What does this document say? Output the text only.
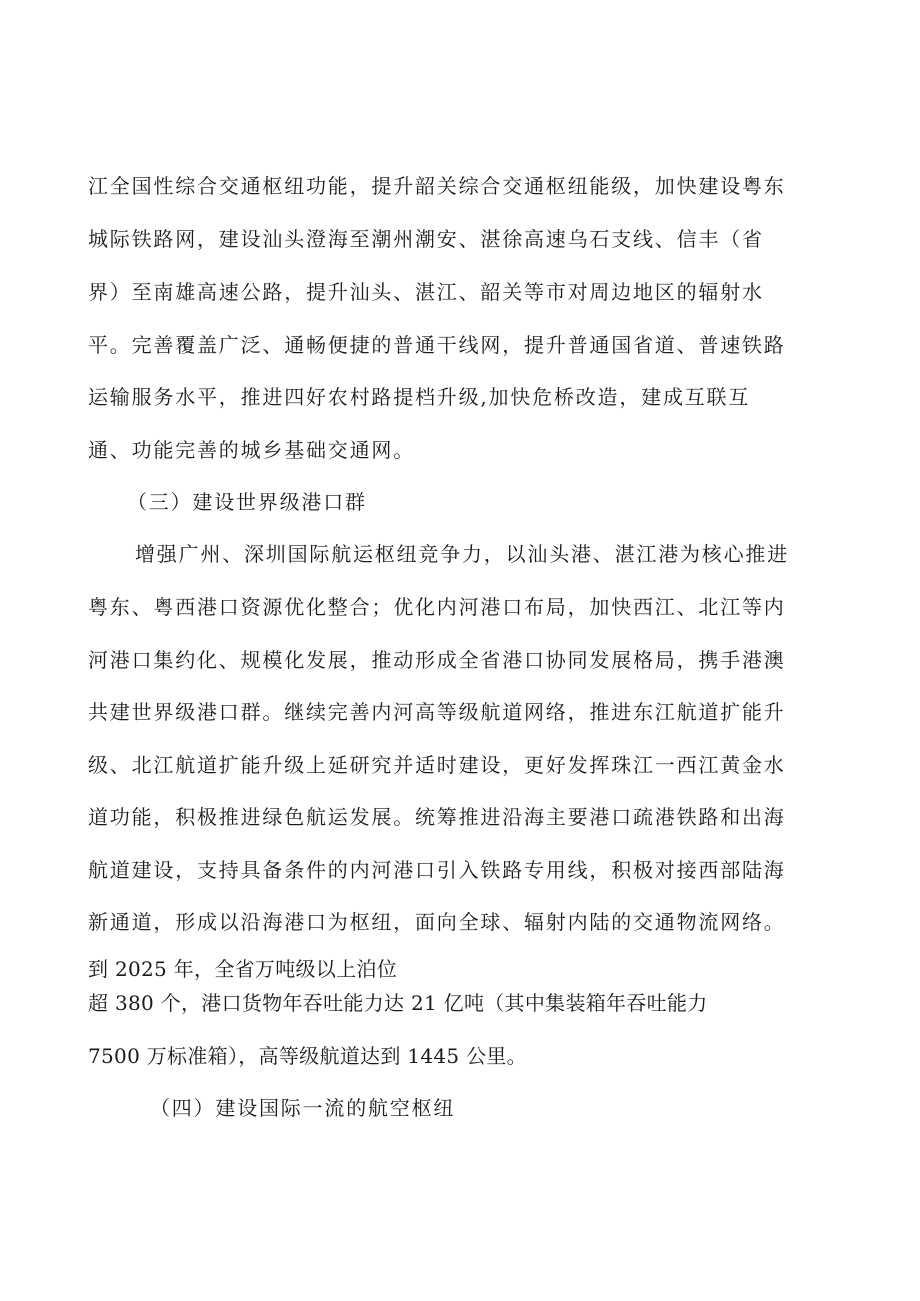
江全国性综合交通枢纽功能，提升韶关综合交通枢纽能级，加快建设粤东
城际铁路网，建设汕头澄海至潮州潮安、湛徐高速乌石支线、信丰（省
界）至南雄高速公路，提升汕头、湛江、韶关等市对周边地区的辐射水
平。完善覆盖广泛、通畅便捷的普通干线网，提升普通国省道、普速铁路
运输服务水平，推进四好农村路提档升级,加快危桥改造，建成互联互
通、功能完善的城乡基础交通网。
（三）建设世界级港口群
增强广州、深圳国际航运枢纽竞争力，以汕头港、湛江港为核心推进
粤东、粤西港口资源优化整合；优化内河港口布局，加快西江、北江等内
河港口集约化、规模化发展，推动形成全省港口协同发展格局，携手港澳
共建世界级港口群。继续完善内河高等级航道网络，推进东江航道扩能升
级、北江航道扩能升级上延研究并适时建设，更好发挥珠江一西江黄金水
道功能，积极推进绿色航运发展。统筹推进沿海主要港口疏港铁路和出海
航道建设，支持具备条件的内河港口引入铁路专用线，积极对接西部陆海
新通道，形成以沿海港口为枢纽，面向全球、辐射内陆的交通物流网络。
到 2025 年，全省万吨级以上泊位
超 380 个，港口货物年吞吐能力达 21 亿吨（其中集装箱年吞吐能力
7500 万标准箱），高等级航道达到 1445 公里。
（四）建设国际一流的航空枢纽
